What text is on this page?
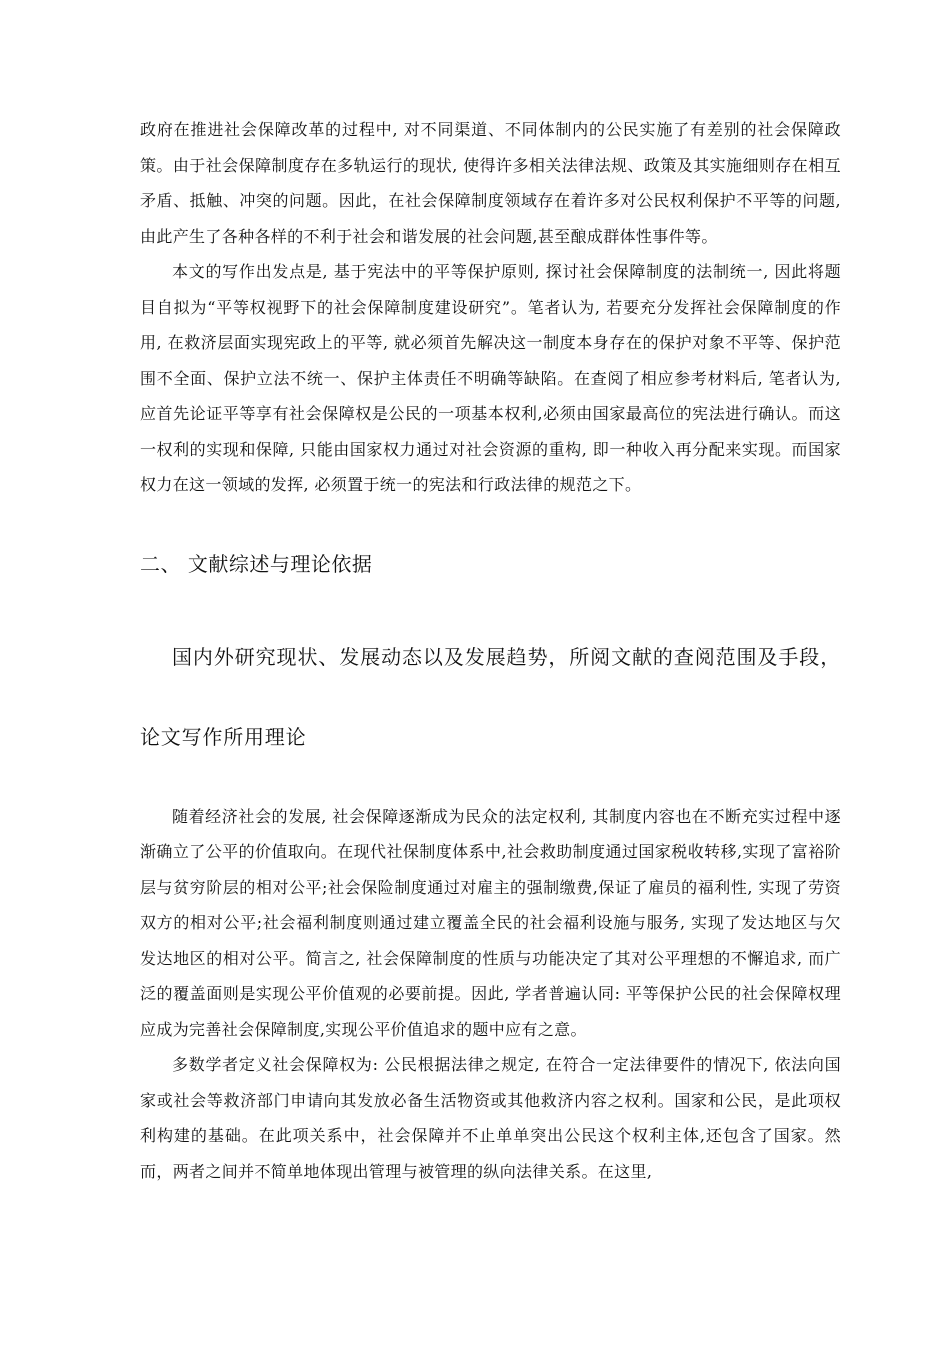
政府在推进社会保障改革的过程中, 对不同渠道、不同体制内的公民实施了有差别的社会保障政策。由于社会保障制度存在多轨运行的现状, 使得许多相关法律法规、政策及其实施细则存在相互矛盾、抵触、冲突的问题。因此，在社会保障制度领域存在着许多对公民权利保护不平等的问题, 由此产生了各种各样的不利于社会和谐发展的社会问题,甚至酿成群体性事件等。

本文的写作出发点是, 基于宪法中的平等保护原则, 探讨社会保障制度的法制统一, 因此将题目自拟为“平等权视野下的社会保障制度建设研究”。笔者认为, 若要充分发挥社会保障制度的作用, 在救济层面实现宪政上的平等, 就必须首先解决这一制度本身存在的保护对象不平等、保护范围不全面、保护立法不统一、保护主体责任不明确等缺陷。在查阅了相应参考材料后, 笔者认为, 应首先论证平等享有社会保障权是公民的一项基本权利,必须由国家最高位的宪法进行确认。而这一权利的实现和保障, 只能由国家权力通过对社会资源的重构, 即一种收入再分配来实现。而国家权力在这一领域的发挥, 必须置于统一的宪法和行政法律的规范之下。

二、 文献综述与理论依据
国内外研究现状、发展动态以及发展趋势，所阅文献的查阅范围及手段，论文写作所用理论

随着经济社会的发展, 社会保障逐渐成为民众的法定权利, 其制度内容也在不断充实过程中逐渐确立了公平的价值取向。在现代社保制度体系中,社会救助制度通过国家税收转移,实现了富裕阶层与贫穷阶层的相对公平;社会保险制度通过对雇主的强制缴费,保证了雇员的福利性, 实现了劳资双方的相对公平;社会福利制度则通过建立覆盖全民的社会福利设施与服务, 实现了发达地区与欠发达地区的相对公平。简言之, 社会保障制度的性质与功能决定了其对公平理想的不懈追求, 而广泛的覆盖面则是实现公平价值观的必要前提。因此, 学者普遍认同: 平等保护公民的社会保障权理应成为完善社会保障制度,实现公平价值追求的题中应有之意。

多数学者定义社会保障权为: 公民根据法律之规定, 在符合一定法律要件的情况下, 依法向国家或社会等救济部门申请向其发放必备生活物资或其他救济内容之权利。国家和公民，是此项权利构建的基础。在此项关系中，社会保障并不止单单突出公民这个权利主体,还包含了国家。然而，两者之间并不简单地体现出管理与被管理的纵向法律关系。在这里,
